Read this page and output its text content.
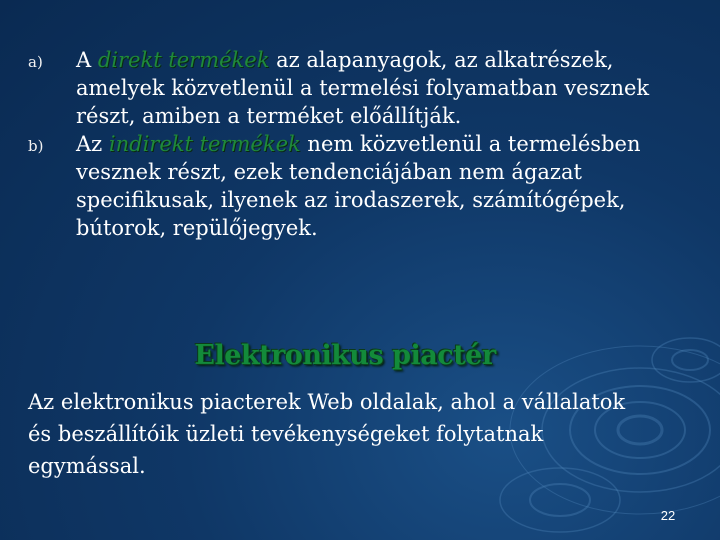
a) A direkt termékek az alapanyagok, az alkatrészek, amelyek közvetlenül a termelési folyamatban vesznek részt, amiben a terméket előállítják.
b) Az indirekt termékek nem közvetlenül a termelésben vesznek részt, ezek tendenciájában nem ágazat specifikusak, ilyenek az irodaszerek, számítógépek, bútorok, repülőjegyek.
Elektronikus piactér
Az elektronikus piacterek Web oldalak, ahol a vállalatok és beszállítóik üzleti tevékenységeket folytatnak egymással.
22
